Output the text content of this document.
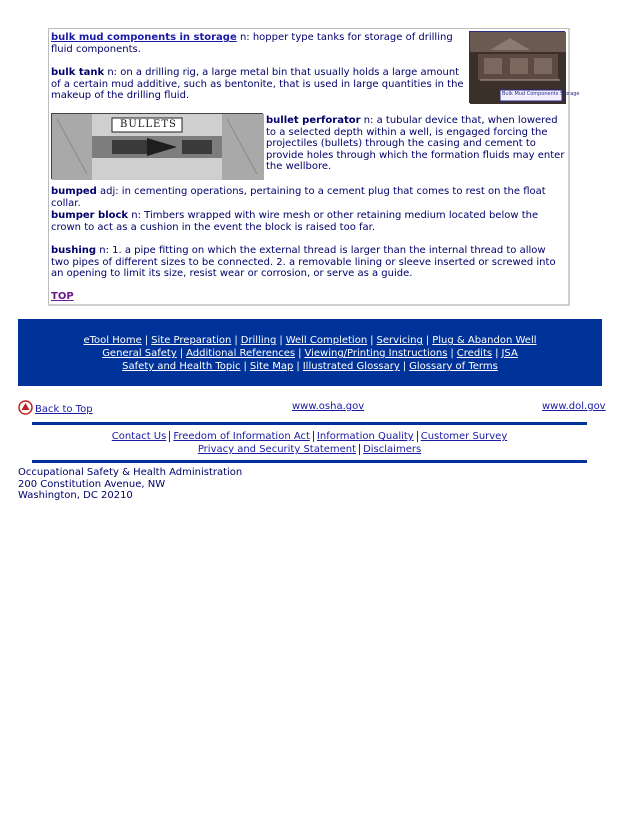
Bulk Mud Components Storage
bulk mud components in storage n: hopper type tanks for storage of drilling fluid components.
bulk tank n: on a drilling rig, a large metal bin that usually holds a large amount of a certain mud additive, such as bentonite, that is used in large quantities in the makeup of the drilling fluid.
BULLETS	bullet perforator n: a tubular device that, when lowered to a selected depth within a well, is engaged forcing the projectiles (bullets) through the casing and cement to provide holes through which the formation fluids may enter the wellbore.
bumped adj: in cementing operations, pertaining to a cement plug that comes to rest on the float collar.
bumper block n: Timbers wrapped with wire mesh or other retaining medium located below the crown to act as a cushion in the event the block is raised too far.
bushing n: 1. a pipe fitting on which the external thread is larger than the internal thread to allow two pipes of different sizes to be connected. 2. a removable lining or sleeve inserted or screwed into an opening to limit its size, resist wear or corrosion, or serve as a guide.
TOP
eTool Home | Site Preparation | Drilling | Well Completion | Servicing | Plug & Abandon Well
General Safety | Additional References | Viewing/Printing Instructions | Credits | JSA
Safety and Health Topic | Site Map | Illustrated Glossary | Glossary of Terms
Back to Top	www.osha.gov	www.dol.gov
Contact Us Freedom of Information Act Information Quality Customer Survey
Privacy and Security Statement Disclaimers
Occupational Safety & Health Administration
200 Constitution Avenue, NW
Washington, DC 20210
